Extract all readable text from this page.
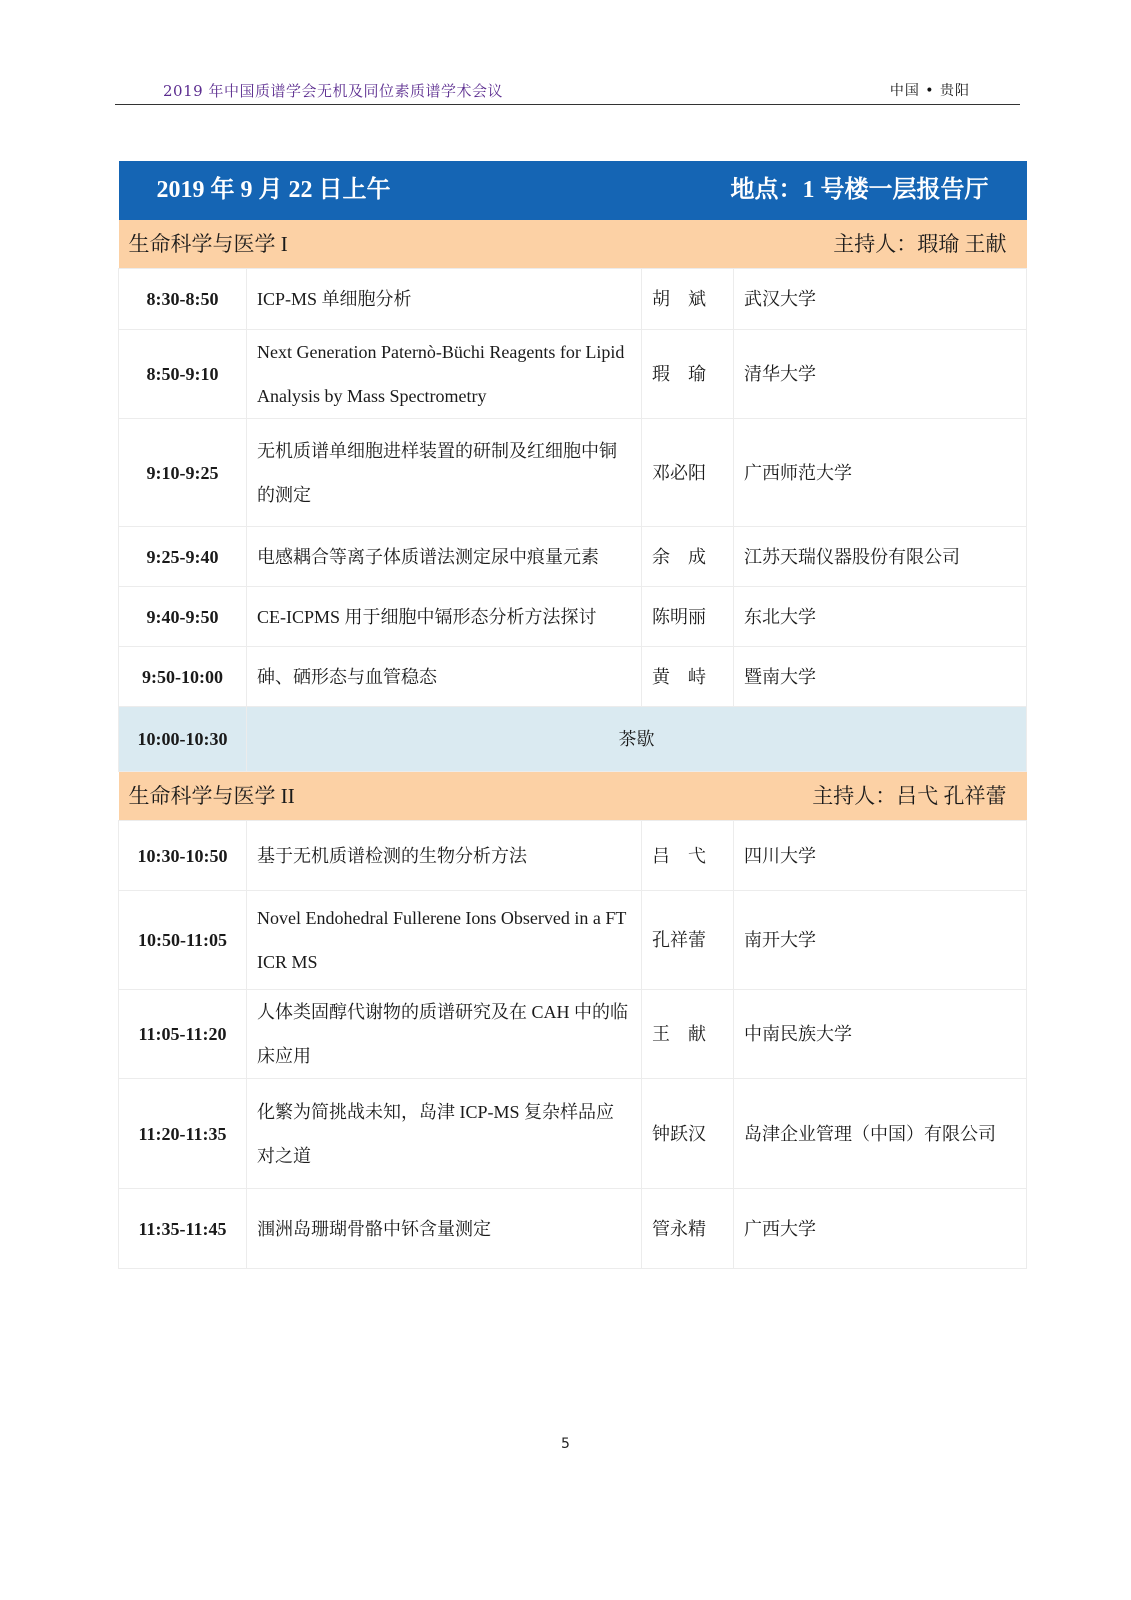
2019 年中国质谱学会无机及同位素质谱学术会议	中国 • 贵阳
2019 年 9 月 22 日上午 地点：1 号楼一层报告厅			

生命科学与医学 I 主持人：瑕瑜 王献			

8:30-8:50	ICP-MS 单细胞分析	胡　斌	武汉大学
8:50-9:10	Next Generation Paternò-Büchi Reagents for Lipid Analysis by Mass Spectrometry	瑕　瑜	清华大学
9:10-9:25	无机质谱单细胞进样装置的研制及红细胞中铜的测定	邓必阳	广西师范大学
9:25-9:40	电感耦合等离子体质谱法测定尿中痕量元素	余　成	江苏天瑞仪器股份有限公司
9:40-9:50	CE-ICPMS 用于细胞中镉形态分析方法探讨	陈明丽	东北大学
9:50-10:00	砷、硒形态与血管稳态	黄　峙	暨南大学
10:00-10:30	茶歇		

生命科学与医学 II 主持人：吕弋 孔祥蕾			

10:30-10:50	基于无机质谱检测的生物分析方法	吕　弋	四川大学
10:50-11:05	Novel Endohedral Fullerene Ions Observed in a FT ICR MS	孔祥蕾	南开大学
11:05-11:20	人体类固醇代谢物的质谱研究及在 CAH 中的临床应用	王　献	中南民族大学
11:20-11:35	化繁为简挑战未知，岛津 ICP-MS 复杂样品应对之道	钟跃汉	岛津企业管理（中国）有限公司
11:35-11:45	涠洲岛珊瑚骨骼中钚含量测定	管永精	广西大学
5
